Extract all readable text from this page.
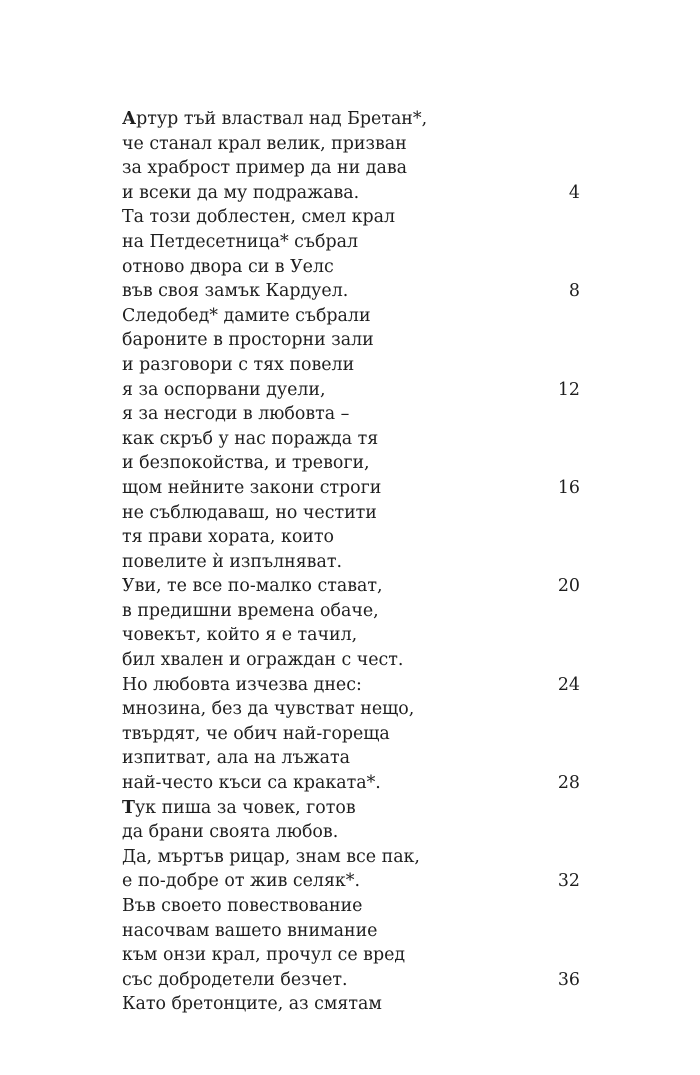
Артур тъй властвал над Бретан*,
че станал крал велик, призван
за храброст пример да ни дава
и всеки да му подражава.	4
Та този доблестен, смел крал
на Петдесетница* събрал
отново двора си в Уелс
във своя замък Кардуел.	8
Следобед* дамите събрали
бароните в просторни зали
и разговори с тях повели
я за оспорвани дуели,	12
я за несгоди в любовта –
как скръб у нас поражда тя
и безпокойства, и тревоги,
щом нейните закони строги	16
не съблюдаваш, но честити
тя прави хората, които
повелите ѝ изпълняват.
Уви, те все по-малко стават,	20
в предишни времена обаче,
човекът, който я е тачил,
бил хвален и ограждан с чест.
Но любовта изчезва днес:	24
мнозина, без да чувстват нещо,
твърдят, че обич най-гореща
изпитват, ала на лъжата
най-често къси са краката*.	28
Тук пиша за човек, готов
да брани своята любов.
Да, мъртъв рицар, знам все пак,
е по-добре от жив селяк*.	32
Във своето повествование
насочвам вашето внимание
към онзи крал, прочул се вред
със добродетели безчет.	36
Като бретонците, аз смятам
